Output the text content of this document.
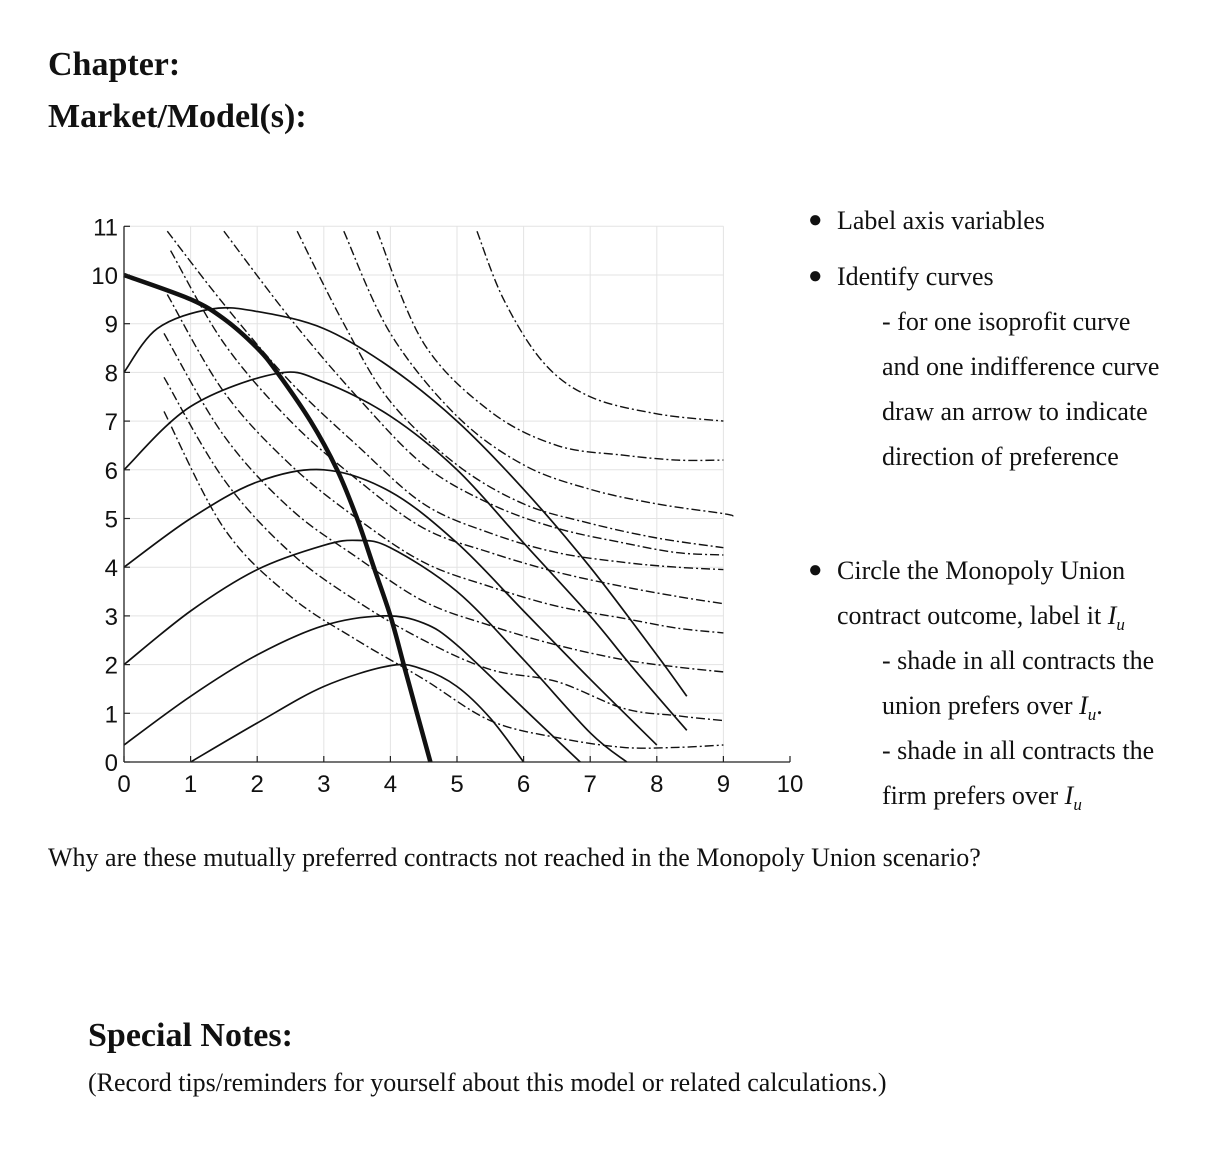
Chapter:
Market/Model(s):
0 1 2 3 4 5 6 7 8 9 10
0
1
2
3
4
5
6
7
8
9
10
11	● Label axis variables
● Identify curves
- for one isoprofit curve
and one indifference curve
draw an arrow to indicate
direction of preference
● Circle the Monopoly Union
contract outcome, label it $I_u$
- shade in all contracts the
union prefers over $I_u$.
- shade in all contracts the
firm prefers over $I_u$
Why are these mutually preferred contracts not reached in the Monopoly Union scenario?
Special Notes:
(Record tips/reminders for yourself about this model or related calculations.)
